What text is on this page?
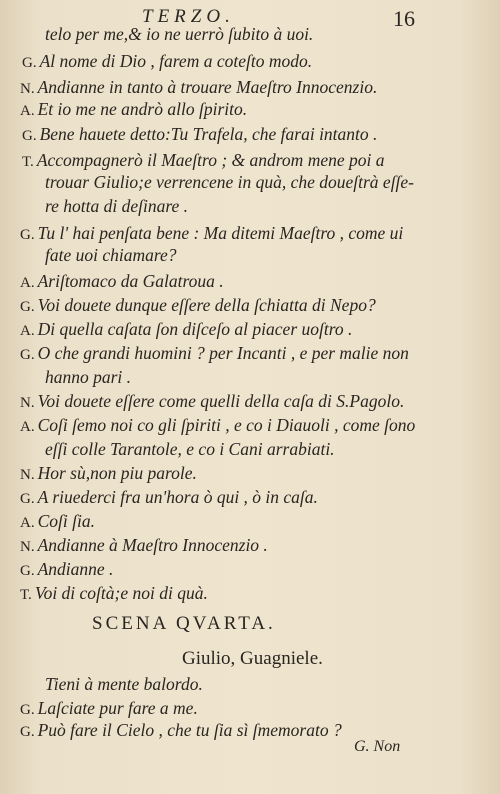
TERZO.	16
telo per me,& io ne uerrò ſubito à uoi.
G. Al nome di Dio , farem a coteſto modo.
N. Andianne in tanto à trouare Maeſtro Innocenzio.
A. Et io me ne andrò allo ſpirito.
G. Bene hauete detto:Tu Trafela, che farai intanto .
T. Accompagnerò il Maeſtro ; & androm mene poi a
trouar Giulio;e verrencene in quà, che doueſtrà eſſe-
re hotta di deſinare .
G. Tu l' hai penſata bene : Ma ditemi Maeſtro , come ui
fate uoi chiamare?
A. Ariſtomaco da Galatroua .
G. Voi douete dunque eſſere della ſchiatta di Nepo?
A. Di quella caſata ſon diſceſo al piacer uoſtro .
G. O che grandi huomini ? per Incanti , e per malie non
hanno pari .
N. Voi douete eſſere come quelli della caſa di S.Pagolo.
A. Coſi ſemo noi co gli ſpiriti , e co i Diauoli , come ſono
eſſi colle Tarantole, e co i Cani arrabiati.
N. Hor sù,non piu parole.
G. A riuederci fra un'hora ò qui , ò in caſa.
A. Coſi ſia.
N. Andianne à Maeſtro Innocenzio .
G. Andianne .
T. Voi di coſtà;e noi di quà.
SCENA QVARTA.
Giulio, Guagniele.
Tieni à mente balordo.
G. Laſciate pur fare a me.
G. Può fare il Cielo , che tu ſia sì ſmemorato ?
G. Non
